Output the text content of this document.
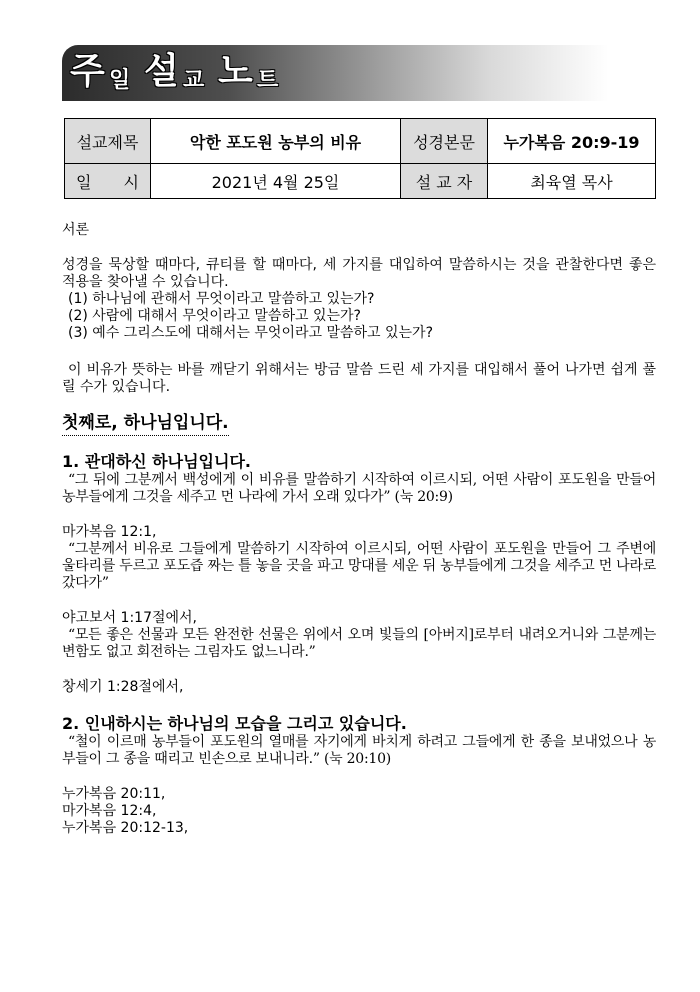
주 일 설 교 노 트
설교제목	악한 포도원 농부의 비유	성경본문	누가복음 20:9-19
일　　시	2021년 4월 25일	설 교 자	최육열 목사

서론

성경을 묵상할 때마다, 큐티를 할 때마다, 세 가지를 대입하여 말씀하시는 것을 관찰한다면 좋은 적용을 찾아낼 수 있습니다.

(1) 하나님에 관해서 무엇이라고 말씀하고 있는가?

(2) 사람에 대해서 무엇이라고 말씀하고 있는가?

(3) 예수 그리스도에 대해서는 무엇이라고 말씀하고 있는가?

이 비유가 뜻하는 바를 깨닫기 위해서는 방금 말씀 드린 세 가지를 대입해서 풀어 나가면 쉽게 풀릴 수가 있습니다.

첫째로, 하나님입니다.

1. 관대하신 하나님입니다.

“그 뒤에 그분께서 백성에게 이 비유를 말씀하기 시작하여 이르시되, 어떤 사람이 포도원을 만들어 농부들에게 그것을 세주고 먼 나라에 가서 오래 있다가” (눅 20:9)

마가복음 12:1,

“그분께서 비유로 그들에게 말씀하기 시작하여 이르시되, 어떤 사람이 포도원을 만들어 그 주변에 울타리를 두르고 포도즙 짜는 틀 놓을 곳을 파고 망대를 세운 뒤 농부들에게 그것을 세주고 먼 나라로 갔다가”

야고보서 1:17절에서,

“모든 좋은 선물과 모든 완전한 선물은 위에서 오며 빛들의 [아버지]로부터 내려오거니와 그분께는 변함도 없고 회전하는 그림자도 없느니라.”

창세기 1:28절에서,

2. 인내하시는 하나님의 모습을 그리고 있습니다.

“철이 이르매 농부들이 포도원의 열매를 자기에게 바치게 하려고 그들에게 한 종을 보내었으나 농부들이 그 종을 때리고 빈손으로 보내니라.” (눅 20:10)

누가복음 20:11,

마가복음 12:4,

누가복음 20:12-13,
